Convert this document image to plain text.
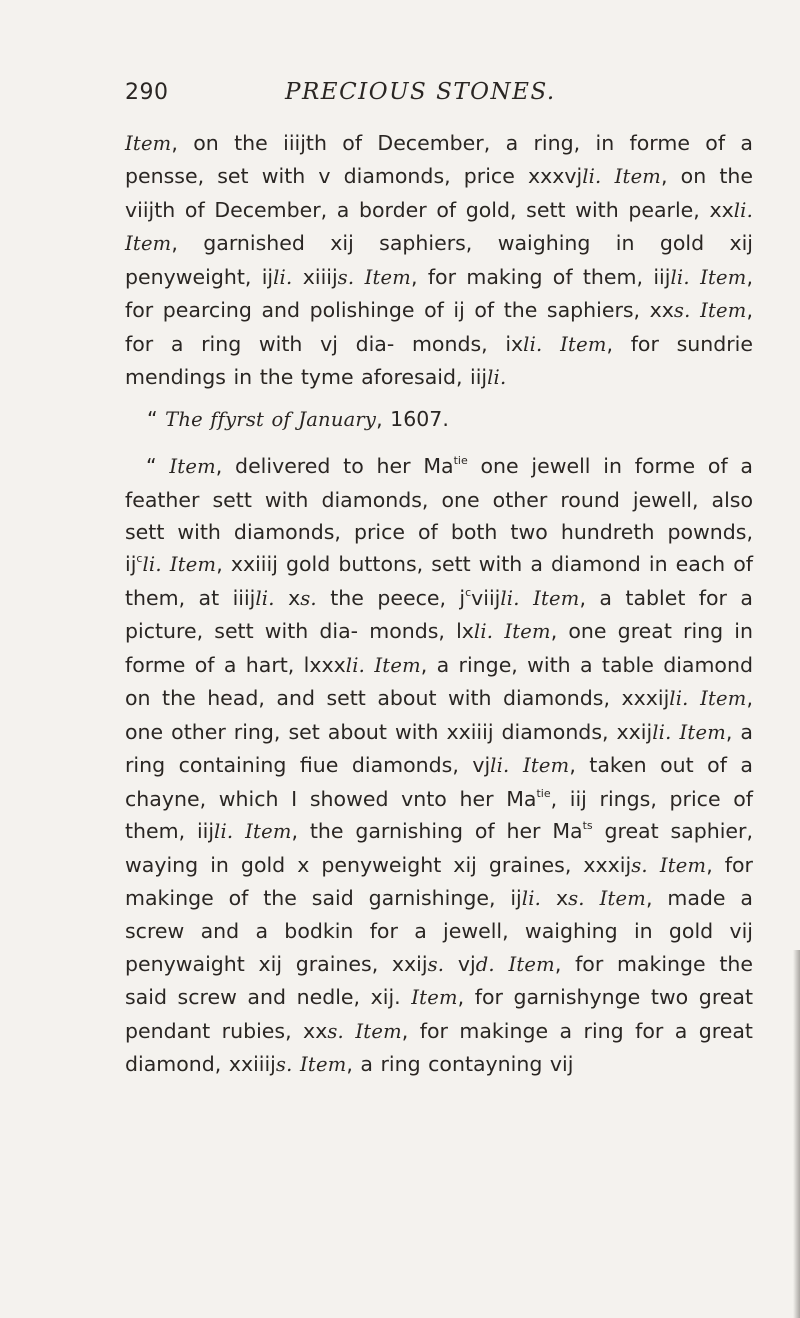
290	PRECIOUS STONES.

Item, on the iiijth of December, a ring, in forme of a pensse, set with v diamonds, price xxxvjli. Item, on the viijth of December, a border of gold, sett with pearle, xxli. Item, garnished xij saphiers, waighing in gold xij penyweight, ijli. xiiijs. Item, for making of them, iijli. Item, for pearcing and polishinge of ij of the saphiers, xxs. Item, for a ring with vj dia- monds, ixli. Item, for sundrie mendings in the tyme aforesaid, iijli.

“ The ffyrst of January, 1607.

“ Item, delivered to her $Ma^{tie}$ one jewell in forme of a feather sett with diamonds, one other round jewell, also sett with diamonds, price of both two hundreth pownds, $ij^cli$. Item, xxiiij gold buttons, sett with a diamond in each of them, at iiijli. xs. the peece, $j^cviijli$. Item, a tablet for a picture, sett with dia- monds, lxli. Item, one great ring in forme of a hart, lxxxli. Item, a ringe, with a table diamond on the head, and sett about with diamonds, xxxijli. Item, one other ring, set about with xxiiij diamonds, xxijli. Item, a ring containing fiue diamonds, vjli. Item, taken out of a chayne, which I showed vnto her $Ma^{tie}$, iij rings, price of them, iijli. Item, the garnishing of her $Ma^{ts}$ great saphier, waying in gold x penyweight xij graines, xxxijs. Item, for makinge of the said garnishinge, ijli. xs. Item, made a screw and a bodkin for a jewell, waighing in gold vij penywaight xij graines, xxijs. vjd. Item, for makinge the said screw and nedle, xij. Item, for garnishynge two great pendant rubies, xxs. Item, for makinge a ring for a great diamond, xxiiijs. Item, a ring contayning vij
